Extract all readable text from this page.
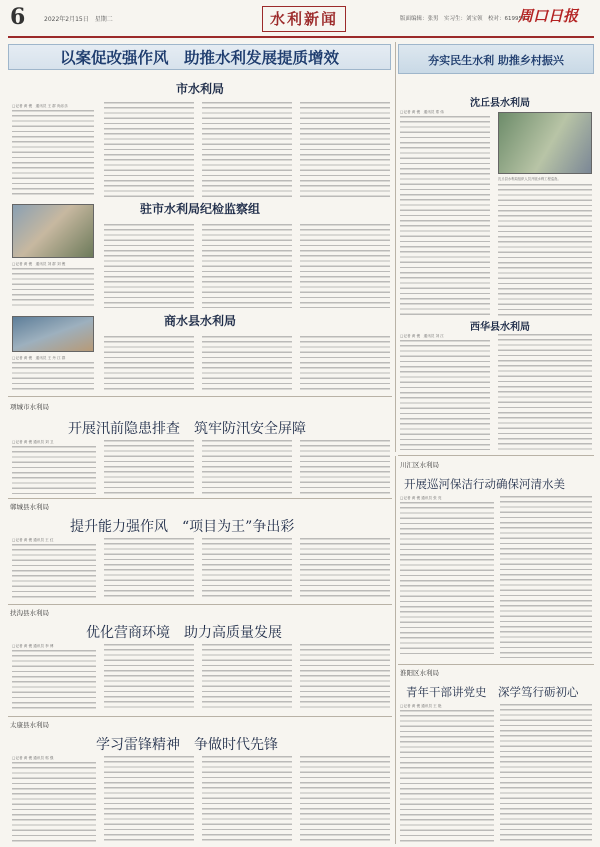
6	2022年2月15日　星期二	水利新闻	版面编辑：张男　实习生：刘宝领　校对：6199502
周口日报
以案促改强作风　助推水利发展提质增效
市水利局
□记者 黄 俊　通讯员 王 群 尚乐乐
驻市水利局纪检监察组
□记者 黄 俊　通讯员 刘 群 刘 俊
商水县水利局
□记者 黄 俊　通讯员 王 丹 江 群
夯实民生水利 助推乡村振兴
沈丘县水利局
□记者 黄 俊　通讯员 郑 伟
沈丘县水利局组织人员开展水利工程巡查。
西华县水利局
□记者 黄 俊　通讯员 刘 江
项城市水利局
开展汛前隐患排查　筑牢防汛安全屏障
□记者 黄 俊 通讯员 刘 卫
郸城县水利局
提升能力强作风　“项目为王”争出彩
□记者 黄 俊 通讯员 王 红
扶沟县水利局
优化营商环境　助力高质量发展
□记者 黄 俊 通讯员 李 博
太康县水利局
学习雷锋精神　争做时代先锋
□记者 黄 俊 通讯员 郭 强
川汇区水利局
开展巡河保洁行动确保河清水美
□记者 黄 俊 通讯员 张 亮
淮阳区水利局
青年干部讲党史　深学笃行砺初心
□记者 黄 俊 通讯员 王 艳
